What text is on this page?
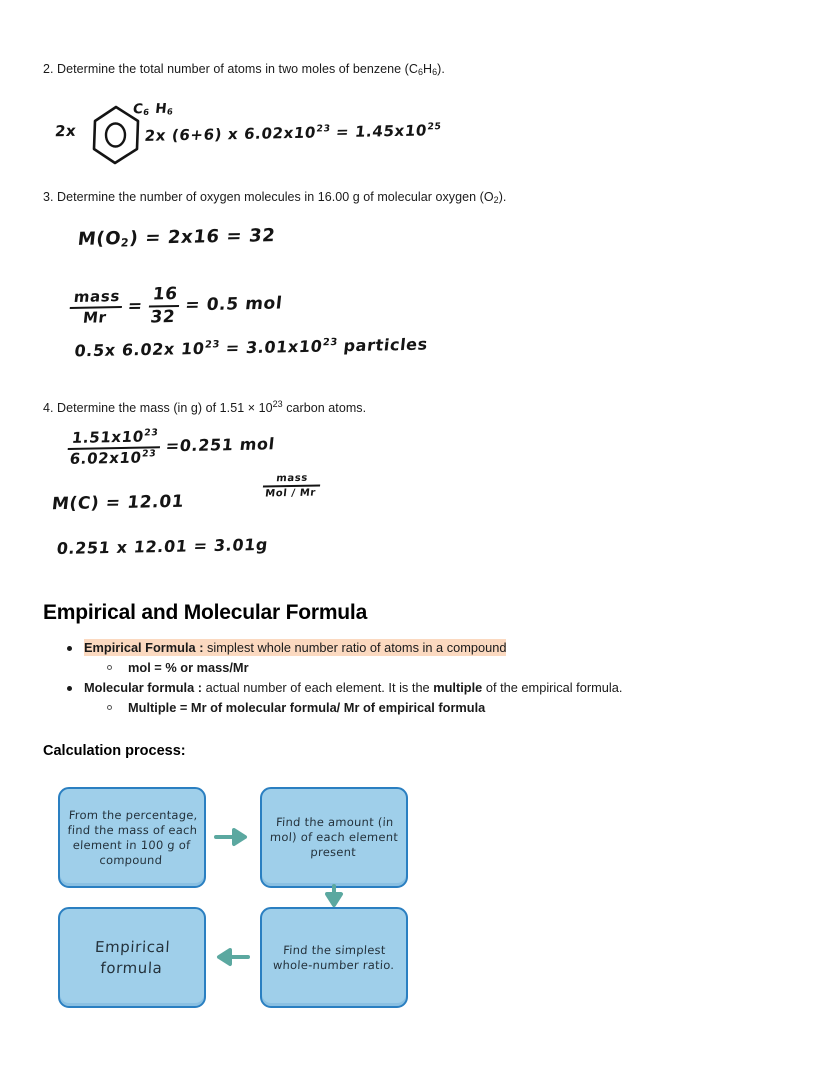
2. Determine the total number of atoms in two moles of benzene $(C_6H_6)$.
2x
$C_6$ $H_6$
2x (6+6) x $6.02x10^{23} = 1.45x10^{25}$
3. Determine the number of oxygen molecules in 16.00 g of molecular oxygen $(O_2)$.
$M(O_2) = 2x16 = 32$
$\frac{\text{mass}}{Mr} = \frac{16}{32} = 0.5$ mol
0.5x 6.02x $10^{23} = 3.01x10^{23}$ particles
4. Determine the mass (in g) of $1.51 \times 10^{23}$ carbon atoms.
$\frac{1.51x10^{23}}{6.02x10^{23}} =0.251$ mol
M(C) = 12.01
$\frac{\text{mass}}{\text{Mol / Mr}}$
0.251 x 12.01 = 3.01g
Empirical and Molecular Formula
Empirical Formula : simplest whole number ratio of atoms in a compound
mol = % or mass/Mr
Molecular formula : actual number of each element. It is the multiple of the empirical formula.
Multiple = Mr of molecular formula/ Mr of empirical formula
Calculation process:
From the percentage, find the mass of each element in 100 g of compound
Find the amount (in mol) of each element present
Empirical formula
Find the simplest whole-number ratio.
